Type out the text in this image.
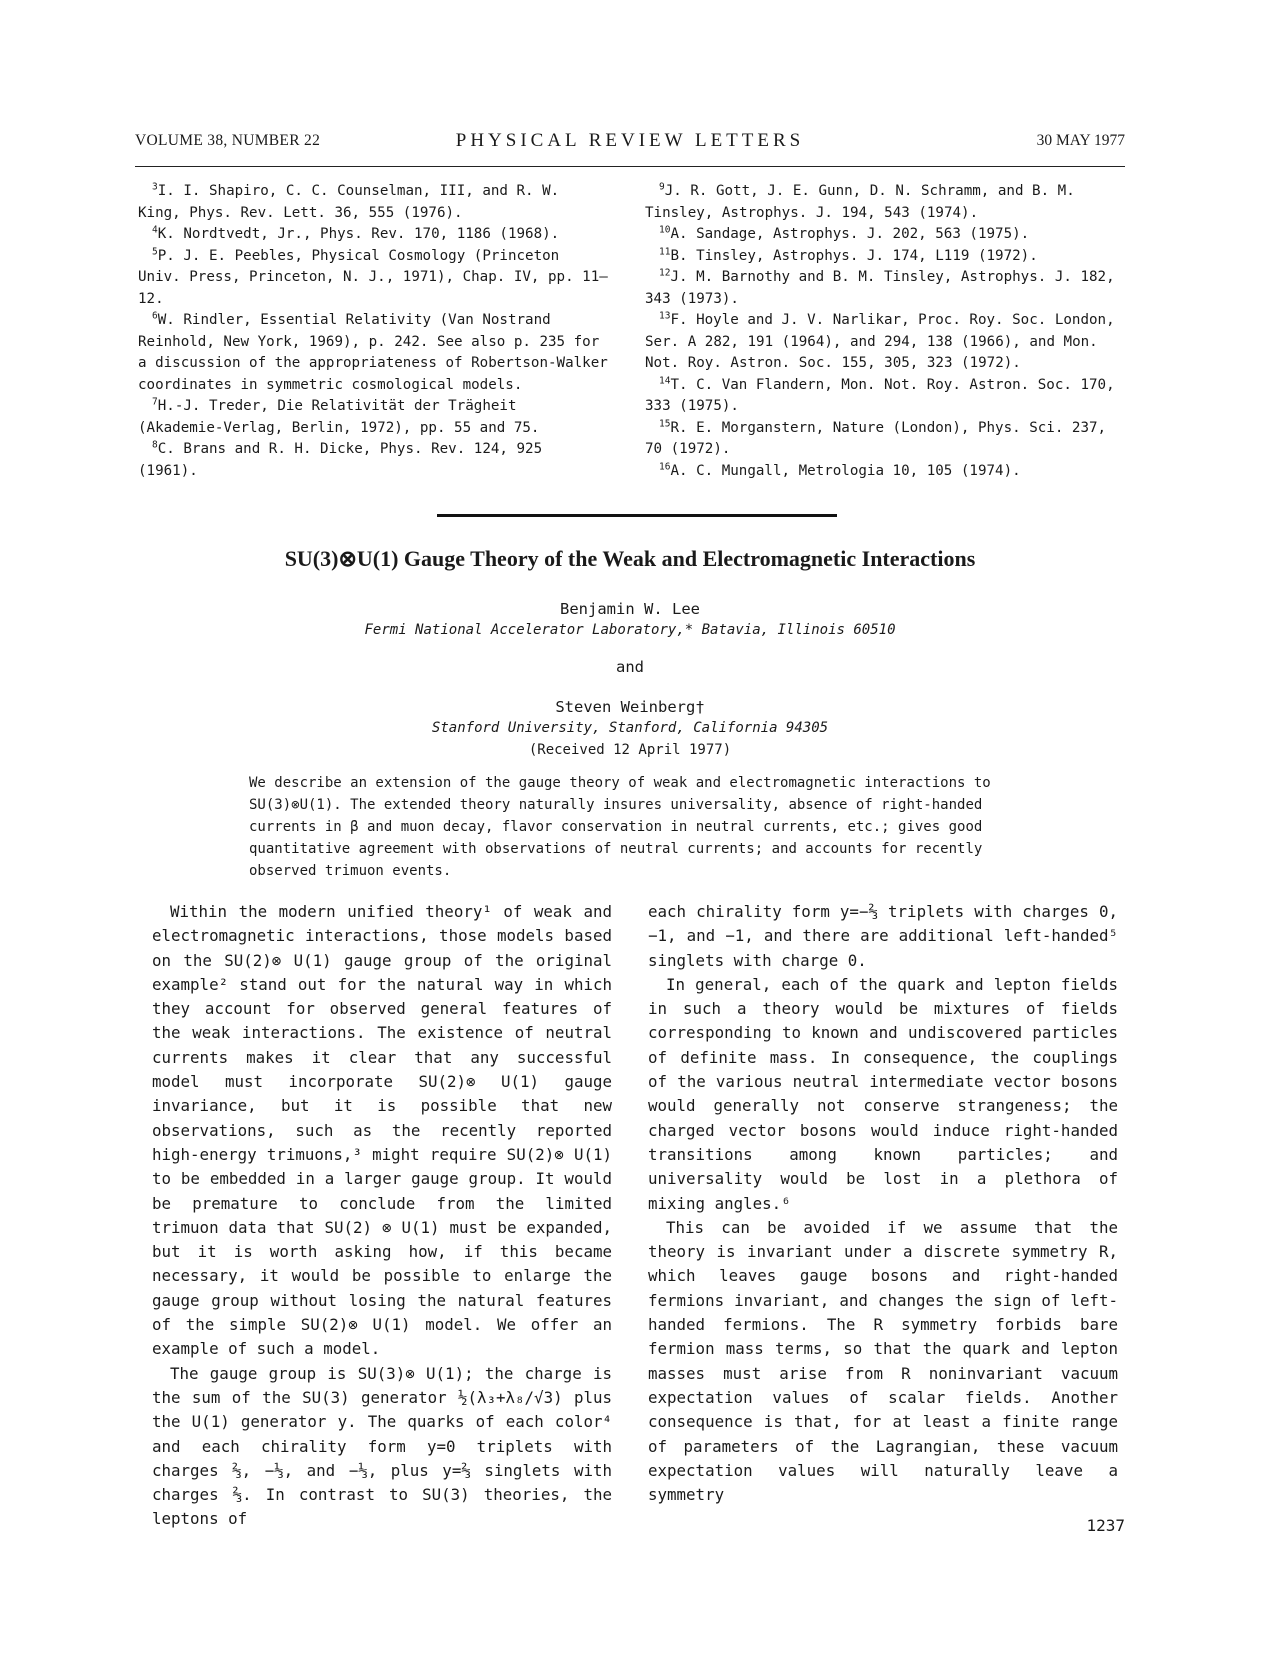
VOLUME 38, NUMBER 22	PHYSICAL REVIEW LETTERS	30 MAY 1977
$^3$I. I. Shapiro, C. C. Counselman, III, and R. W. King, Phys. Rev. Lett. 36, 555 (1976).
$^4$K. Nordtvedt, Jr., Phys. Rev. 170, 1186 (1968).
$^5$P. J. E. Peebles, Physical Cosmology (Princeton Univ. Press, Princeton, N. J., 1971), Chap. IV, pp. 11–12.
$^6$W. Rindler, Essential Relativity (Van Nostrand Reinhold, New York, 1969), p. 242. See also p. 235 for a discussion of the appropriateness of Robertson-Walker coordinates in symmetric cosmological models.
$^7$H.-J. Treder, Die Relativität der Trägheit (Akademie-Verlag, Berlin, 1972), pp. 55 and 75.
$^8$C. Brans and R. H. Dicke, Phys. Rev. 124, 925 (1961).
$^9$J. R. Gott, J. E. Gunn, D. N. Schramm, and B. M. Tinsley, Astrophys. J. 194, 543 (1974).
$^{10}$A. Sandage, Astrophys. J. 202, 563 (1975).
$^{11}$B. Tinsley, Astrophys. J. 174, L119 (1972).
$^{12}$J. M. Barnothy and B. M. Tinsley, Astrophys. J. 182, 343 (1973).
$^{13}$F. Hoyle and J. V. Narlikar, Proc. Roy. Soc. London, Ser. A 282, 191 (1964), and 294, 138 (1966), and Mon. Not. Roy. Astron. Soc. 155, 305, 323 (1972).
$^{14}$T. C. Van Flandern, Mon. Not. Roy. Astron. Soc. 170, 333 (1975).
$^{15}$R. E. Morganstern, Nature (London), Phys. Sci. 237, 70 (1972).
$^{16}$A. C. Mungall, Metrologia 10, 105 (1974).
SU(3)⊗U(1) Gauge Theory of the Weak and Electromagnetic Interactions
Benjamin W. Lee
Fermi National Accelerator Laboratory,* Batavia, Illinois 60510
and
Steven Weinberg†
Stanford University, Stanford, California 94305
(Received 12 April 1977)
We describe an extension of the gauge theory of weak and electromagnetic interactions to SU(3)⊗U(1). The extended theory naturally insures universality, absence of right-handed currents in β and muon decay, flavor conservation in neutral currents, etc.; gives good quantitative agreement with observations of neutral currents; and accounts for recently observed trimuon events.

Within the modern unified theory¹ of weak and electromagnetic interactions, those models based on the SU(2)⊗ U(1) gauge group of the original example² stand out for the natural way in which they account for observed general features of the weak interactions. The existence of neutral currents makes it clear that any successful model must incorporate SU(2)⊗ U(1) gauge invariance, but it is possible that new observations, such as the recently reported high-energy trimuons,³ might require SU(2)⊗ U(1) to be embedded in a larger gauge group. It would be premature to conclude from the limited trimuon data that SU(2) ⊗ U(1) must be expanded, but it is worth asking how, if this became necessary, it would be possible to enlarge the gauge group without losing the natural features of the simple SU(2)⊗ U(1) model. We offer an example of such a model.

The gauge group is SU(3)⊗ U(1); the charge is the sum of the SU(3) generator ½(λ₃+λ₈/√3) plus the U(1) generator y. The quarks of each color⁴ and each chirality form y=0 triplets with charges ⅔, −⅓, and −⅓, plus y=⅔ singlets with charges ⅔. In contrast to SU(3) theories, the leptons of

each chirality form y=−⅔ triplets with charges 0, −1, and −1, and there are additional left-handed⁵ singlets with charge 0.

In general, each of the quark and lepton fields in such a theory would be mixtures of fields corresponding to known and undiscovered particles of definite mass. In consequence, the couplings of the various neutral intermediate vector bosons would generally not conserve strangeness; the charged vector bosons would induce right-handed transitions among known particles; and universality would be lost in a plethora of mixing angles.⁶

This can be avoided if we assume that the theory is invariant under a discrete symmetry R, which leaves gauge bosons and right-handed fermions invariant, and changes the sign of left-handed fermions. The R symmetry forbids bare fermion mass terms, so that the quark and lepton masses must arise from R noninvariant vacuum expectation values of scalar fields. Another consequence is that, for at least a finite range of parameters of the Lagrangian, these vacuum expectation values will naturally leave a symmetry

1237
